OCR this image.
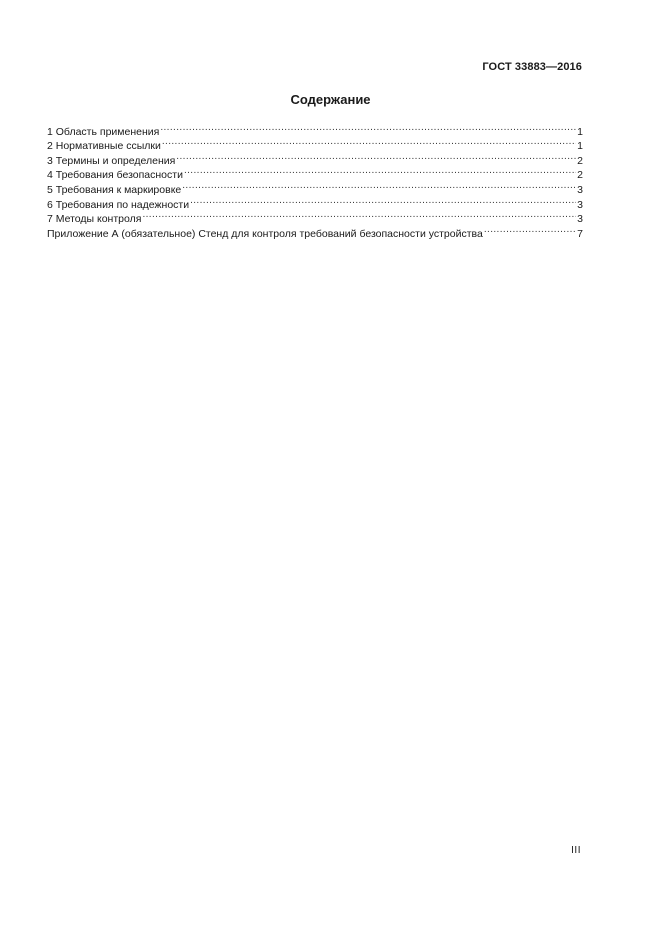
ГОСТ 33883—2016
Содержание
1 Область применения .....	1
2 Нормативные ссылки .....	1
3 Термины и определения .....	2
4 Требования безопасности .....	2
5 Требования к маркировке .....	3
6 Требования по надежности .....	3
7 Методы контроля .....	3
Приложение А (обязательное) Стенд для контроля требований безопасности устройства .....	7
III
